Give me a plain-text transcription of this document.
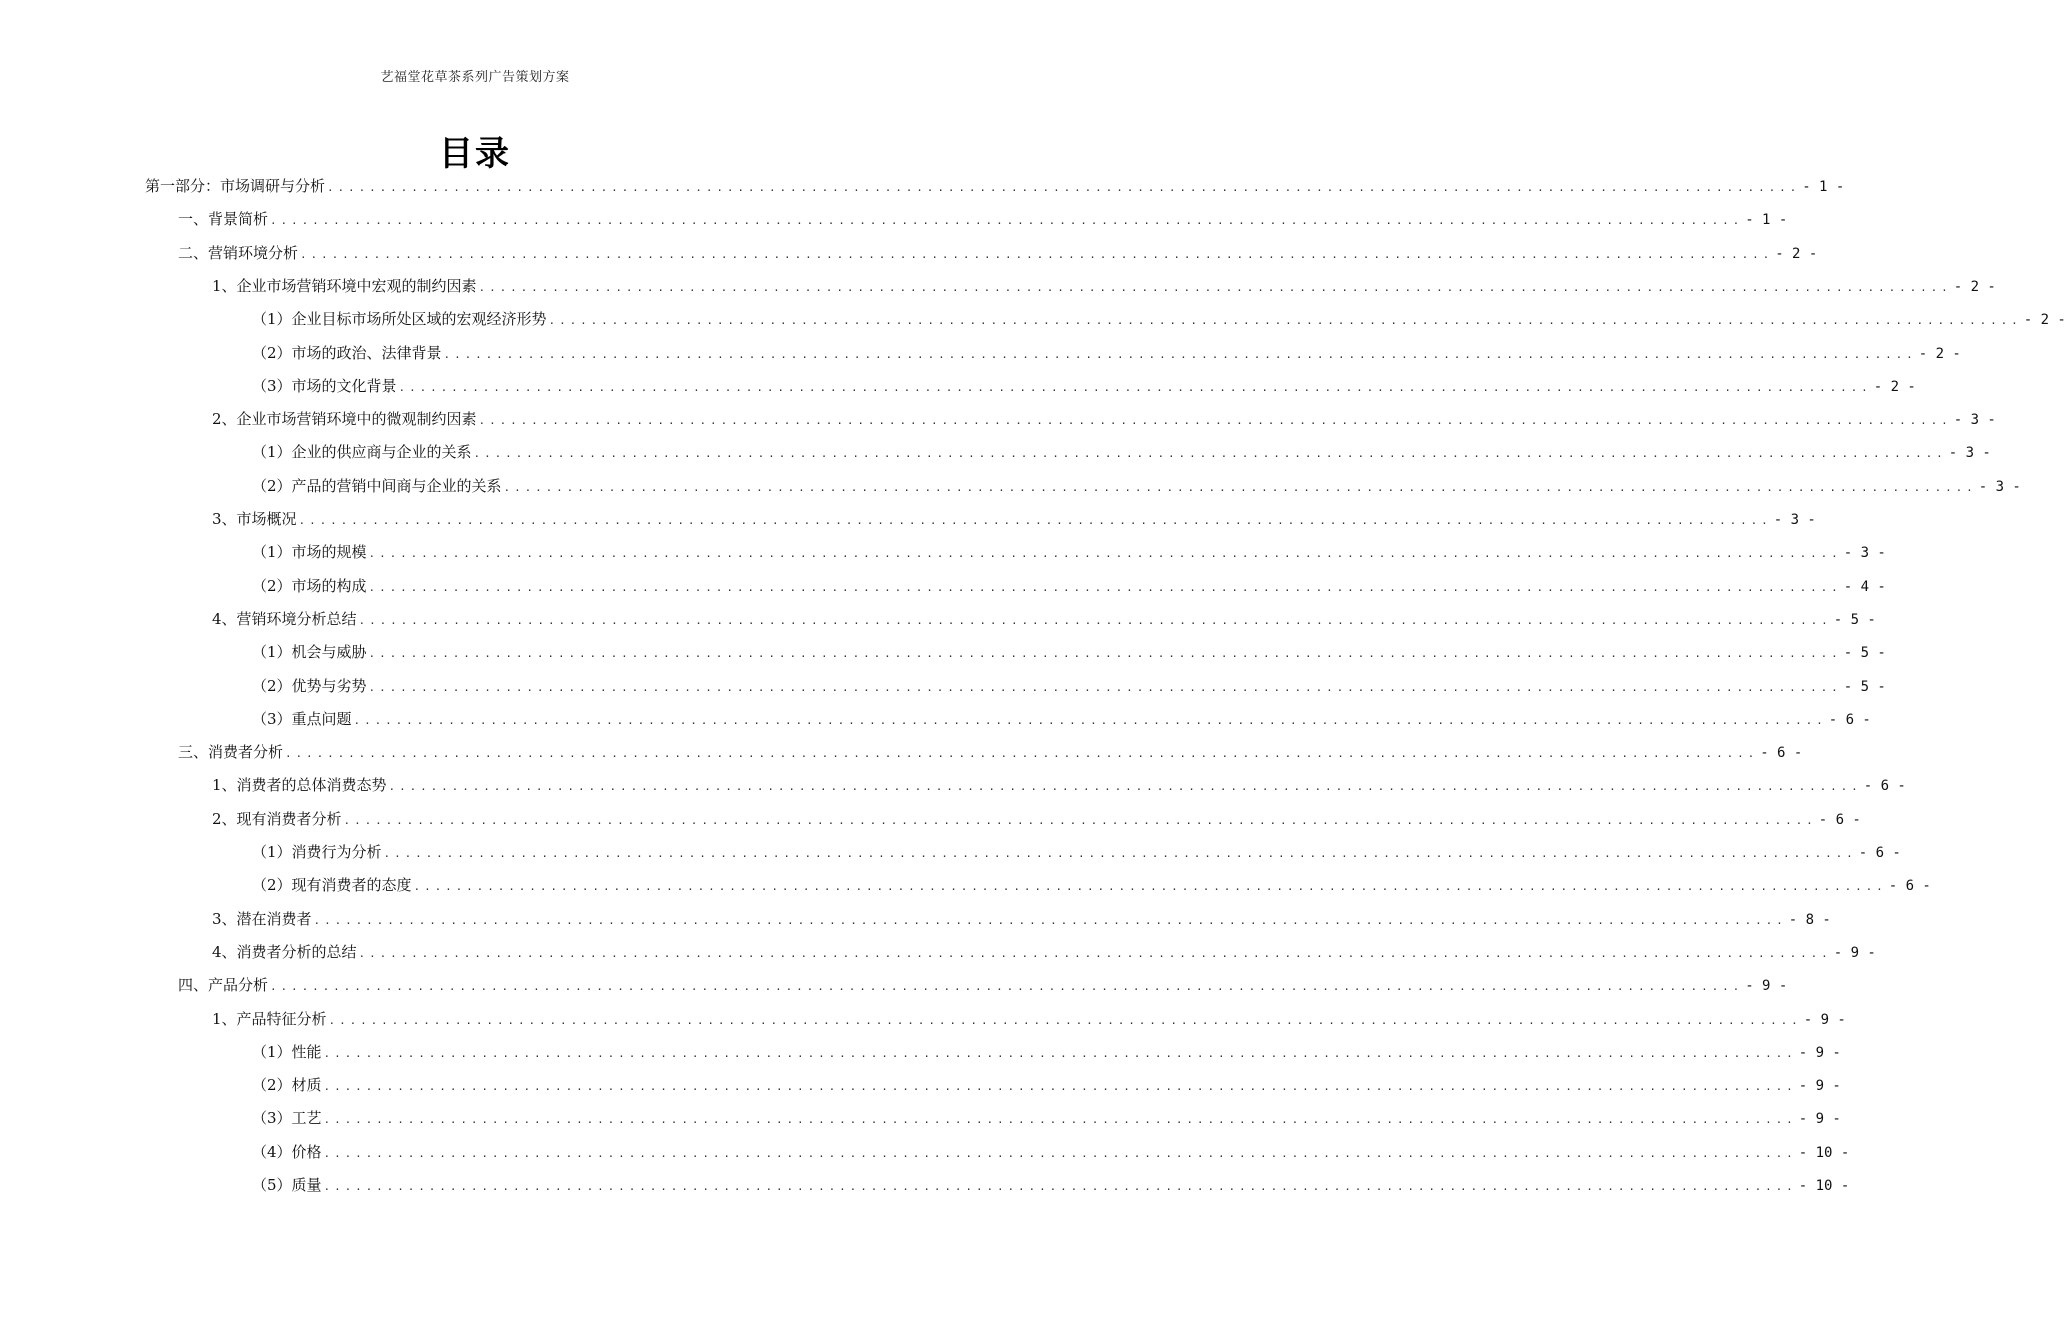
艺福堂花草茶系列广告策划方案
目录
第一部分：市场调研与分析 ............................................................................................................................................ - 1 -
一、背景简析 ............................................................................................................................................ - 1 -
二、营销环境分析 ............................................................................................................................................ - 2 -
1、企业市场营销环境中宏观的制约因素 ............................................................................................................................................ - 2 -
（1）企业目标市场所处区域的宏观经济形势 ............................................................................................................................................ - 2 -
（2）市场的政治、法律背景 ............................................................................................................................................ - 2 -
（3）市场的文化背景 ............................................................................................................................................ - 2 -
2、企业市场营销环境中的微观制约因素 ............................................................................................................................................ - 3 -
（1）企业的供应商与企业的关系 ............................................................................................................................................ - 3 -
（2）产品的营销中间商与企业的关系 ............................................................................................................................................ - 3 -
3、市场概况 ............................................................................................................................................ - 3 -
（1）市场的规模 ............................................................................................................................................ - 3 -
（2）市场的构成 ............................................................................................................................................ - 4 -
4、营销环境分析总结 ............................................................................................................................................ - 5 -
（1）机会与威胁 ............................................................................................................................................ - 5 -
（2）优势与劣势 ............................................................................................................................................ - 5 -
（3）重点问题 ............................................................................................................................................ - 6 -
三、消费者分析 ............................................................................................................................................ - 6 -
1、消费者的总体消费态势 ............................................................................................................................................ - 6 -
2、现有消费者分析 ............................................................................................................................................ - 6 -
（1）消费行为分析 ............................................................................................................................................ - 6 -
（2）现有消费者的态度 ............................................................................................................................................ - 6 -
3、潜在消费者 ............................................................................................................................................ - 8 -
4、消费者分析的总结 ............................................................................................................................................ - 9 -
四、产品分析 ............................................................................................................................................ - 9 -
1、产品特征分析 ............................................................................................................................................ - 9 -
（1）性能 ............................................................................................................................................ - 9 -
（2）材质 ............................................................................................................................................ - 9 -
（3）工艺 ............................................................................................................................................ - 9 -
（4）价格 ............................................................................................................................................ - 10 -
（5）质量 ............................................................................................................................................ - 10 -
